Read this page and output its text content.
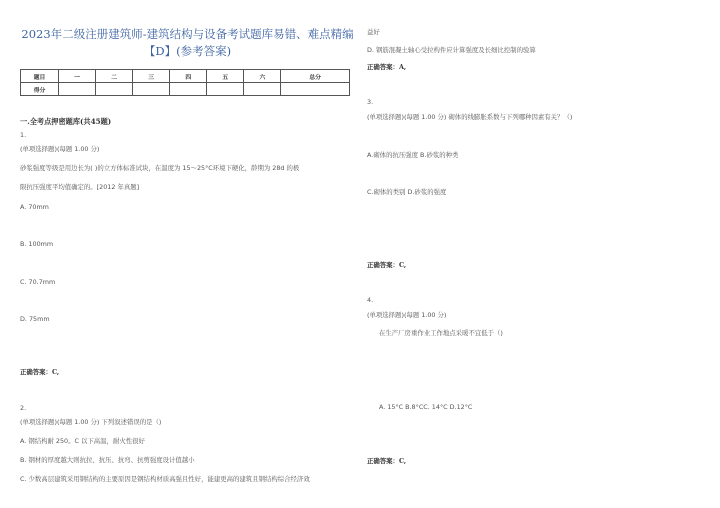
2023年二级注册建筑师-建筑结构与设备考试题库易错、难点精编
【D】(参考答案)
题目	一	二	三	四	五	六	总分
得分							
一.全考点押密题库(共45题)
1.
(单项选择题)(每题 1.00 分)
砂浆强度等级是用边长为( )的立方体标准试块，在温度为 15～25°C环境下硬化，龄期为 28d 的极
限抗压强度平均值确定的。[2012 年真题]
A. 70mm
B. 100mm
C. 70.7mm
D. 75mm
正确答案：C,
2.
(单项选择题)(每题 1.00 分) 下列叙述错误的是（)
A. 钢结构耐 250。C 以下高温，耐火性很好
B. 钢材的厚度越大则抗拉、抗压、抗弯、抗剪强度设计值越小
C. 少数高层建筑采用钢结构的主要原因是钢结构材质高强且性好，能建更高的建筑且钢结构综合经济效
益好
D. 钢筋混凝土轴心受拉构件应计算强度及长细比控制的验算
正确答案：A,
3.
(单项选择题)(每题 1.00 分) 砌体的线膨胀系数与下列哪种因素有关？（)
A.砌体的抗压强度 B.砂浆的种类
C.砌体的类别 D.砂浆的强度
正确答案：C,
4.
(单项选择题)(每题 1.00 分)
在生产厂房重作业工作地点采暖不宜低于（)
A. 15°C B.8°CC. 14°C D.12°C
正确答案：C,
